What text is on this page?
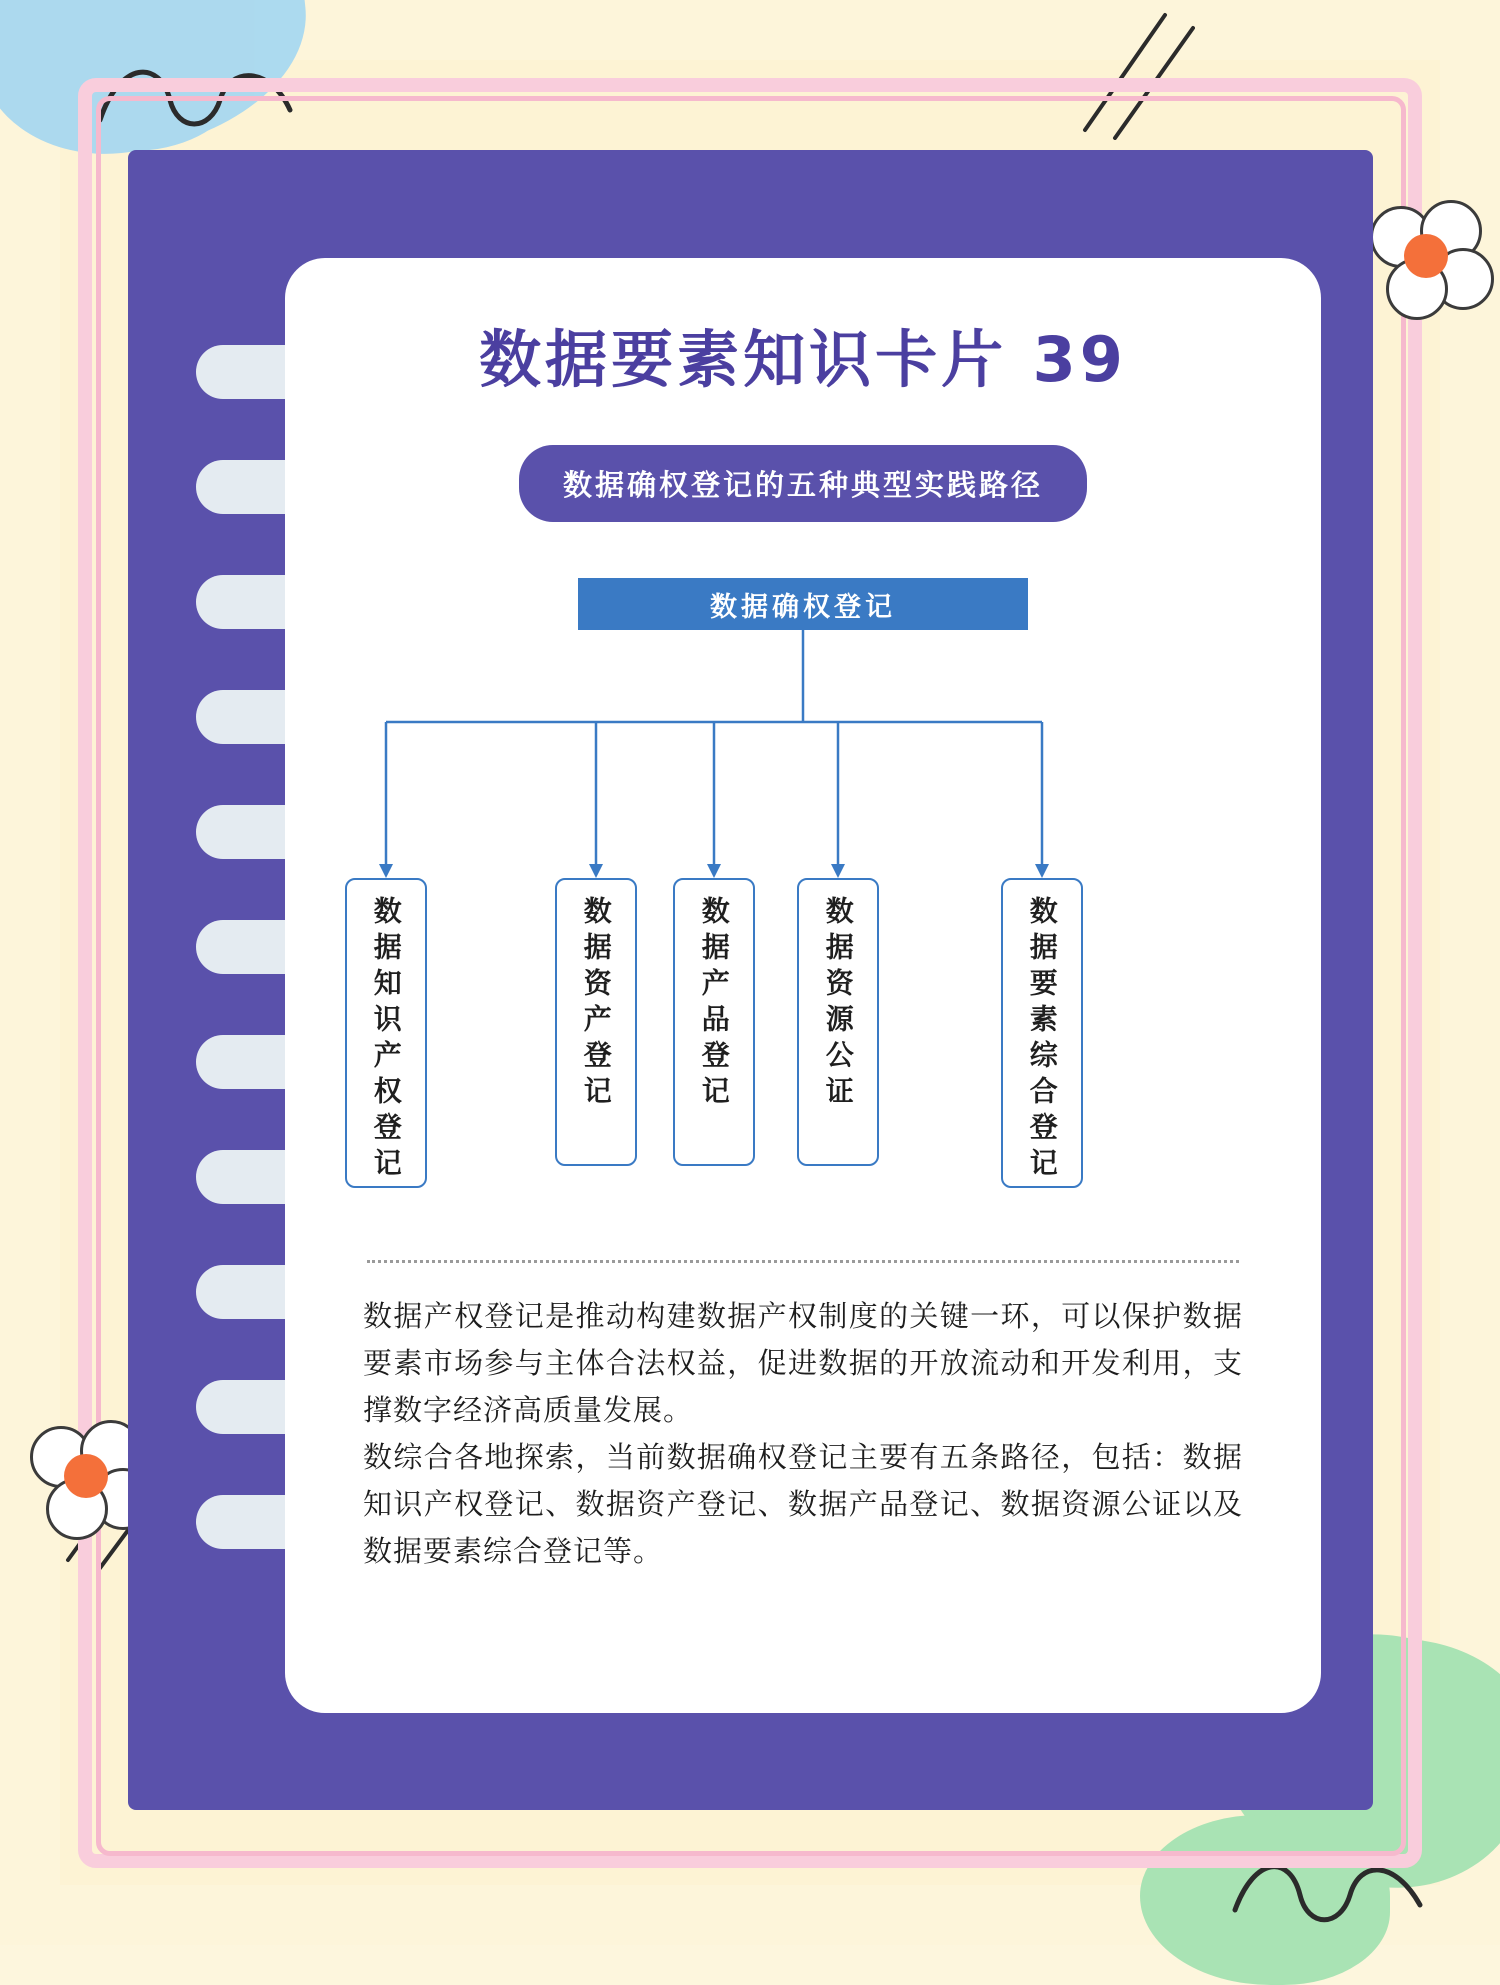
数据要素知识卡片 39
数据确权登记的五种典型实践路径
数据确权登记
数据知识产权登记	数据资产登记	数据产品登记	数据资源公证	数据要素综合登记

数据产权登记是推动构建数据产权制度的关键一环，可以保护数据要素市场参与主体合法权益，促进数据的开放流动和开发利用，支撑数字经济高质量发展。

数综合各地探索，当前数据确权登记主要有五条路径，包括：数据知识产权登记、数据资产登记、数据产品登记、数据资源公证以及数据要素综合登记等。
